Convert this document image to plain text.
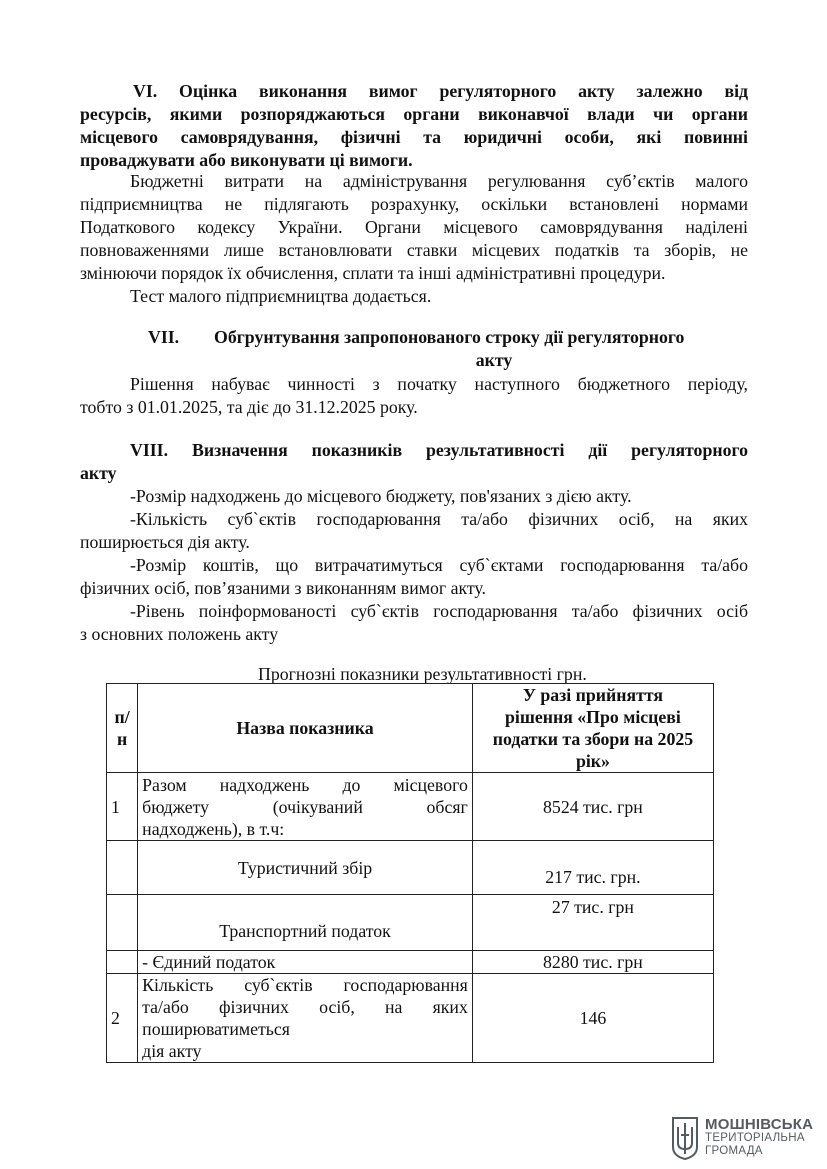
VI. Оцінка виконання вимог регуляторного акту залежно від
ресурсів, якими розпоряджаються органи виконавчої влади чи органи
місцевого самоврядування, фізичні та юридичні особи, які повинні
проваджувати або виконувати ці вимоги.
Бюджетні витрати на адміністрування регулювання суб’єктів малого
підприємництва не підлягають розрахунку, оскільки встановлені нормами
Податкового кодексу України. Органи місцевого самоврядування наділені
повноваженнями лише встановлювати ставки місцевих податків та зборів, не
змінюючи порядок їх обчислення, сплати та інші адміністративні процедури.
Тест малого підприємництва додається.
VII. Обгрунтування запропонованого строку дії регуляторного
акту
Рішення набуває чинності з початку наступного бюджетного періоду,
тобто з 01.01.2025, та діє до 31.12.2025 року.
VIII. Визначення показників результативності дії регуляторного
акту
-Розмір надходжень до місцевого бюджету, пов'язаних з дією акту.
-Кількість суб`єктів господарювання та/або фізичних осіб, на яких
поширюється дія акту.
-Розмір коштів, що витрачатимуться суб`єктами господарювання та/або
фізичних осіб, пов’язаними з виконанням вимог акту.
-Рівень поінформованості суб`єктів господарювання та/або фізичних осіб
з основних положень акту
Прогнозні показники результативності грн.
п/н	Назва показника	У разі прийняття
рішення «Про місцеві
податки та збори на 2025
рік»

1	Разом надходжень до місцевого
бюджету (очікуваний обсяг
надходжень), в т.ч:	8524 тис. грн
	Туристичний збір	217 тис. грн.
	Транспортний податок	27 тис. грн
	- Єдиний податок	8280 тис. грн
2	Кількість суб`єктів господарювання
та/або фізичних осіб, на яких
поширюватиметься
дія акту	146
МОШНІВСЬКА
ТЕРИТОРІАЛЬНА
ГРОМАДА
